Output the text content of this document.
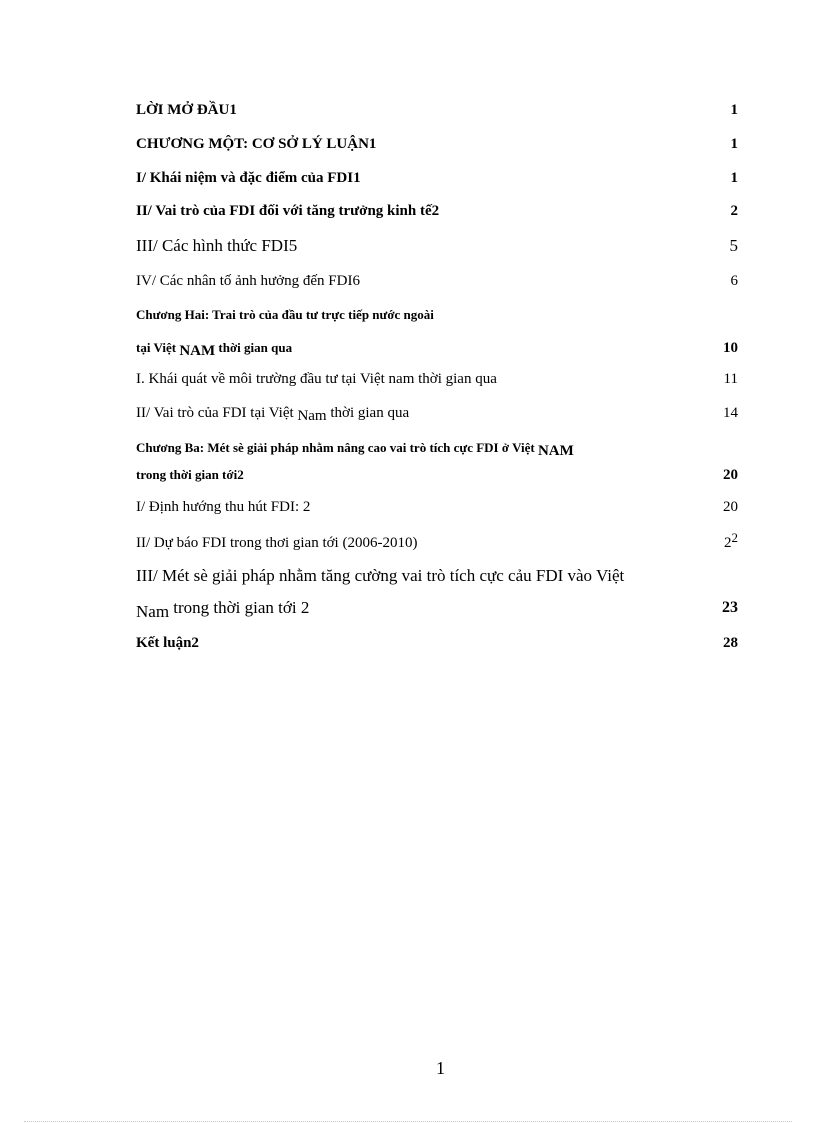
LỜI MỞ ĐẦU1	1
CHƯƠNG MỘT: CƠ SỞ LÝ LUẬN1	1
I/ Khái niệm và đặc điểm của FDI1	1
II/ Vai trò của FDI đối với tăng trưởng kinh tế2	2
III/ Các hình thức FDI5	5
IV/ Các nhân tố ảnh hưởng đến FDI6	6
Chương Hai: Trai trò của đầu tư trực tiếp nước ngoài
tại Việt NAM thời gian qua	10
I. Khái quát về môi trường đầu tư tại Việt nam thời gian qua	11
II/ Vai trò của FDI tại Việt Nam thời gian qua	14
Chương Ba: Mét sè giải pháp nhằm nâng cao vai trò tích cực FDI ở Việt NAM
trong thời gian tới2	20
I/ Định hướng thu hút FDI: 2	20
II/ Dự báo FDI trong thơi gian tới (2006-2010)	22
III/ Mét sè giải pháp nhằm tăng cường vai trò tích cực cảu FDI vào Việt
Nam trong thời gian tới 2	23
Kết luận2	28
1
